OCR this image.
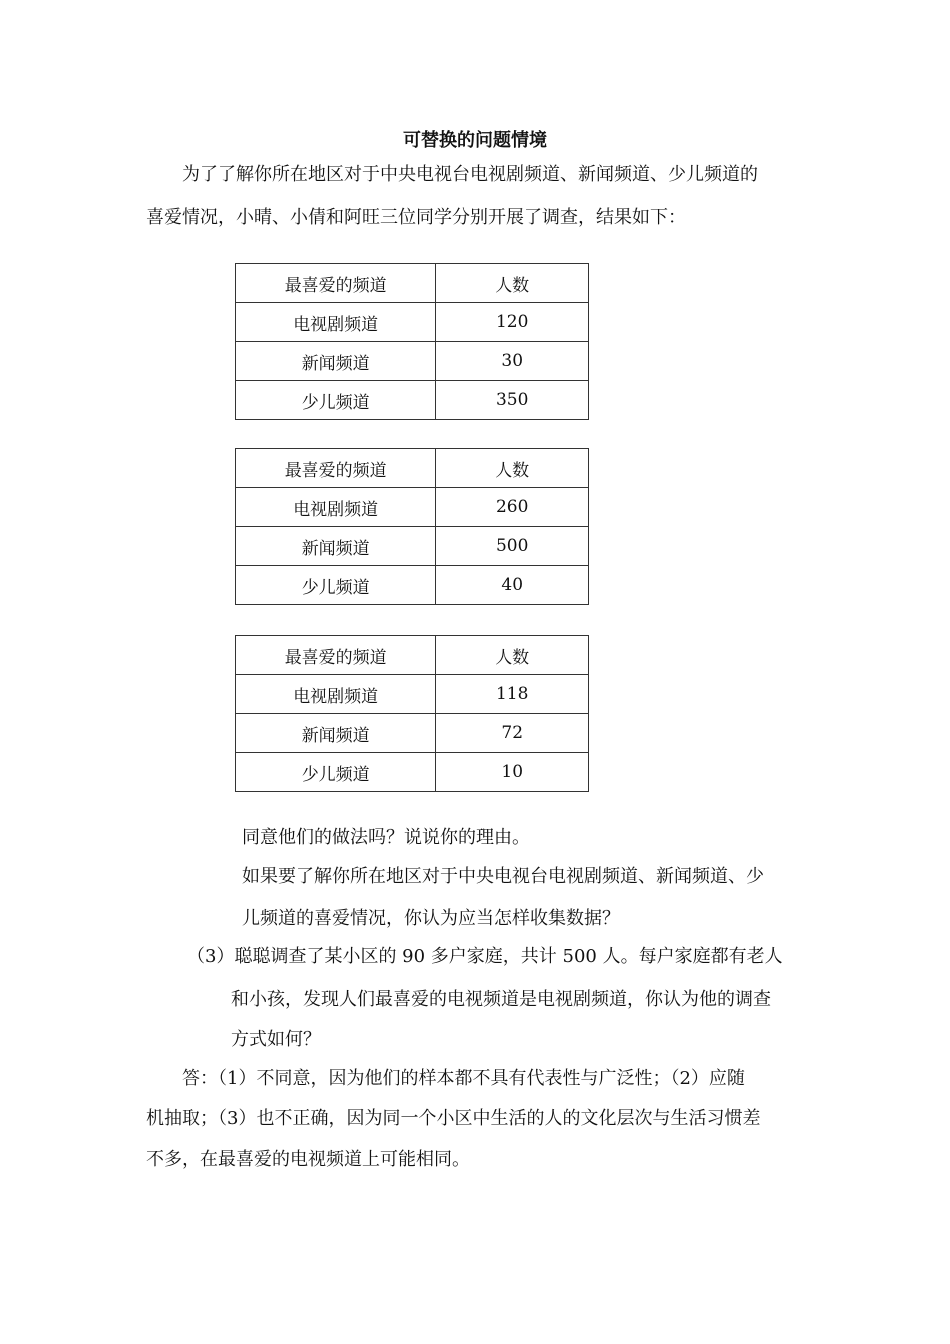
可替换的问题情境
为了了解你所在地区对于中央电视台电视剧频道、新闻频道、少儿频道的
喜爱情况，小晴、小倩和阿旺三位同学分别开展了调查，结果如下：
最喜爱的频道	人数
电视剧频道	120
新闻频道	30
少儿频道	350
最喜爱的频道	人数
电视剧频道	260
新闻频道	500
少儿频道	40
最喜爱的频道	人数
电视剧频道	118
新闻频道	72
少儿频道	10
同意他们的做法吗？说说你的理由。
如果要了解你所在地区对于中央电视台电视剧频道、新闻频道、少
儿频道的喜爱情况，你认为应当怎样收集数据？
（3）聪聪调查了某小区的 90 多户家庭，共计 500 人。每户家庭都有老人
和小孩，发现人们最喜爱的电视频道是电视剧频道，你认为他的调查
方式如何？
答：（1）不同意，因为他们的样本都不具有代表性与广泛性；（2）应随
机抽取；（3）也不正确，因为同一个小区中生活的人的文化层次与生活习惯差
不多，在最喜爱的电视频道上可能相同。
